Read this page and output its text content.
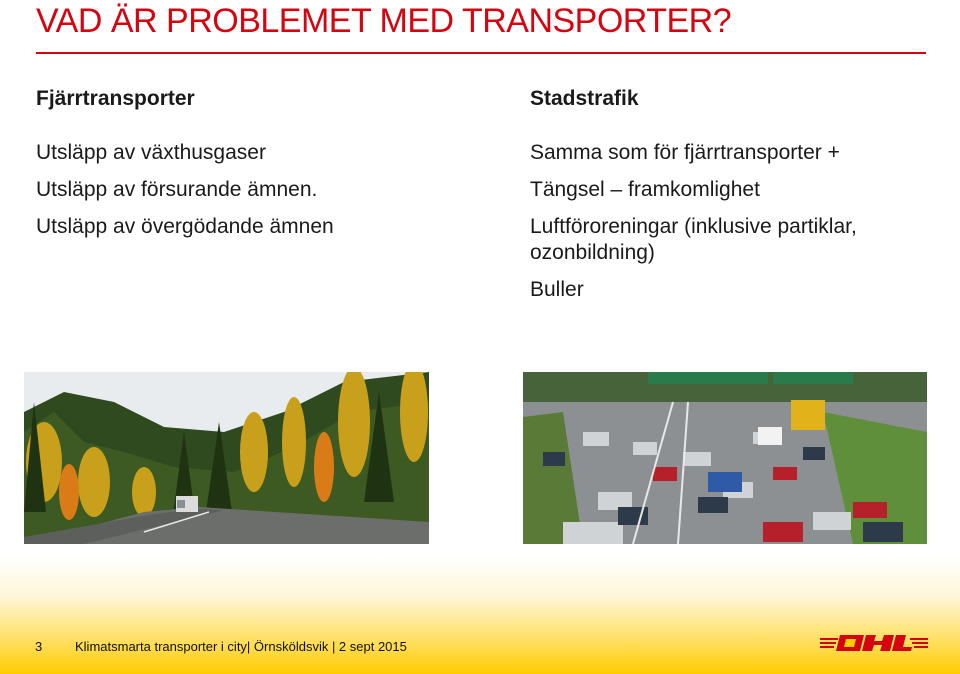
VAD ÄR PROBLEMET MED TRANSPORTER?
Fjärrtransporter
Utsläpp av växthusgaser
Utsläpp av försurande ämnen.
Utsläpp av övergödande ämnen
Stadstrafik
Samma som för fjärrtransporter +
Tängsel – framkomlighet
Luftföroreningar (inklusive partiklar, ozonbildning)
Buller
3	Klimatsmarta transporter i city| Örnsköldsvik | 2 sept 2015
